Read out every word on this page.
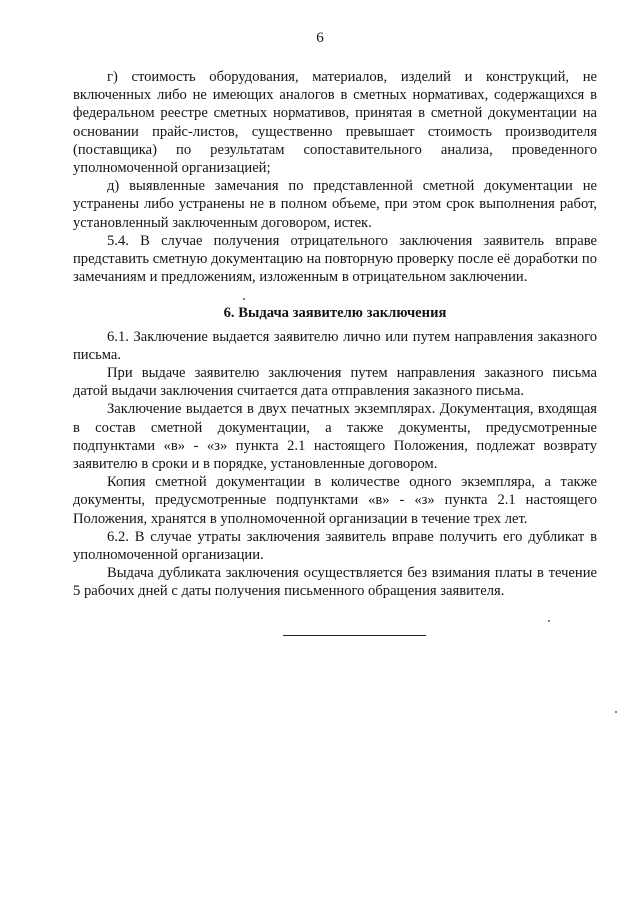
6

г) стоимость оборудования, материалов, изделий и конструкций, не включенных либо не имеющих аналогов в сметных нормативах, содержащихся в федеральном реестре сметных нормативов, принятая в сметной документации на основании прайс-листов, существенно превышает стоимость производителя (поставщика) по результатам сопоставительного анализа, проведенного уполномоченной организацией;

д) выявленные замечания по представленной сметной документации не устранены либо устранены не в полном объеме, при этом срок выполнения работ, установленный заключенным договором, истек.

5.4. В случае получения отрицательного заключения заявитель вправе представить сметную документацию на повторную проверку после её доработки по замечаниям и предложениям, изложенным в отрицательном заключении.

6. Выдача заявителю заключения

6.1. Заключение выдается заявителю лично или путем направления заказного письма.

При выдаче заявителю заключения путем направления заказного письма датой выдачи заключения считается дата отправления заказного письма.

Заключение выдается в двух печатных экземплярах. Документация, входящая в состав сметной документации, а также документы, предусмотренные подпунктами «в» - «з» пункта 2.1 настоящего Положения, подлежат возврату заявителю в сроки и в порядке, установленные договором.

Копия сметной документации в количестве одного экземпляра, а также документы, предусмотренные подпунктами «в» - «з» пункта 2.1 настоящего Положения, хранятся в уполномоченной организации в течение трех лет.

6.2. В случае утраты заключения заявитель вправе получить его дубликат в уполномоченной организации.

Выдача дубликата заключения осуществляется без взимания платы в течение 5 рабочих дней с даты получения письменного обращения заявителя.
